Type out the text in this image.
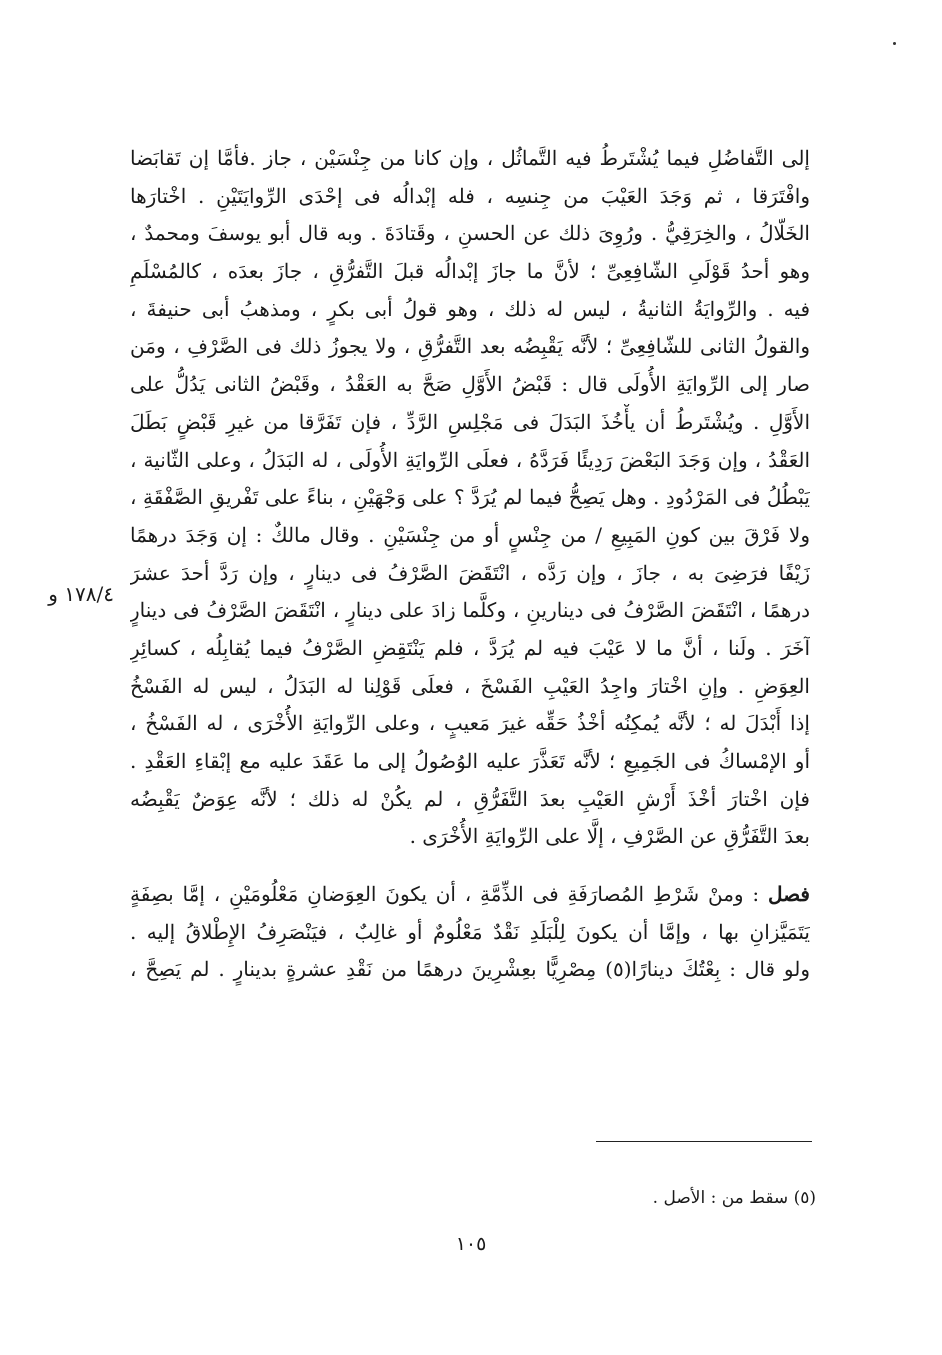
إلى التَّفاضُلِ فيما يُشْتَرطُ فيه التَّماثُل ، وإن كانا من جِنْسَيْن ، جاز .فأمَّا إن تَقابَضا
وافْتَرَقا ، ثم وَجَدَ العَيْبَ من جِنسِه ، فله إبْدالُه فى إحْدَى الرِّوايَتَيْنِ . اخْتارَها
الخَلّالُ ، والخِرَقِيُّ . ورُوِىَ ذلك عن الحسنِ ، وقَتادَةَ . وبه قال أبو يوسفَ ومحمدٌ ،
وهو أحدُ قَوْلَىِ الشّافِعِىِّ ؛ لأنَّ ما جازَ إبْدالُه قبلَ التَّفرُّقِ ، جازَ بعدَه ، كالمُسْلَمِ
فيه . والرِّوايَةُ الثانيةُ ، ليس له ذلك ، وهو قولُ أبى بكرٍ ، ومذهبُ أبى حنيفةَ ،
والقولُ الثانى للشّافِعِىِّ ؛ لأنَّه يَقْبِضُه بعد التَّفرُّقِ ، ولا يجوزُ ذلك فى الصَّرْفِ ، ومَن
صار إلى الرِّوايَةِ الأُولَى قال : قَبْضُ الأَوَّلِ صَحَّ به العَقْدُ ، وقَبْضُ الثانى يَدُلُّ على
الأَوَّلِ . ويُشْتَرطُ أن يأْخُذَ البَدَلَ فى مَجْلِسِ الرَّدِّ ، فإن تَفَرَّقا من غيرِ قَبْضٍ بَطَلَ
العَقْدُ ، وإن وَجَدَ البَعْضَ رَدِيئًا فَرَدَّهُ ، فعلَى الرِّوايَةِ الأُولَى ، له البَدَلُ ، وعلى الثّانية ،
يَبْطُلُ فى المَرْدُودِ . وهل يَصِحُّ فيما لم يُرَدَّ ؟ على وَجْهَيْنِ ، بناءً على تَفْريقِ الصَّفْقَةِ ،
ولا فَرْقَ بين كونِ المَبِيعِ / من جِنْسٍ أو من جِنْسَيْنِ . وقال مالكٌ : إن وَجَدَ درهمًا
زَيْفًا فرَضِىَ به ، جازَ ، وإن رَدَّه ، انْتَقَضَ الصَّرْفُ فى دينارٍ ، وإن رَدَّ أحدَ عشرَ
درهمًا ، انْتَقَضَ الصَّرْفُ فى دينارينِ ، وكلَّما زادَ على دينارٍ ، انْتَقَضَ الصَّرْفُ فى دينارٍ
آخَرَ . ولَنا ، أنَّ ما لا عَيْبَ فيه لم يُرَدَّ ، فلم يَنْتَقِضِ الصَّرْفُ فيما يُقابِلُه ، كسائِرِ
العِوَضِ . وإنِ اخْتارَ واجِدُ العَيْبِ الفَسْخَ ، فعلَى قَوْلِنا له البَدَلُ ، ليس له الفَسْخُ
إذا أَبْدَلَ له ؛ لأنَّه يُمكِنُه أخْذُ حَقِّه غيرَ مَعيبٍ ، وعلى الرِّوايَةِ الأُخْرَى ، له الفَسْخُ ،
أو الإمْساكُ فى الجَمِيعِ ؛ لأنَّه تَعَذَّرَ عليه الوُصُولُ إلى ما عَقَدَ عليه مع إبْقاءِ العَقْدِ .
فإن اخْتارَ أخْذَ أَرْشِ العَيْبِ بعدَ التَّفَرُّقِ ، لم يكُنْ له ذلك ؛ لأنَّه عِوَضٌ يَقْبِضُه
بعدَ التَّفَرُّقِ عن الصَّرْفِ ، إلَّا على الرِّوايَةِ الأُخْرَى .
فصل : ومنْ شَرْطِ المُصارَفَةِ فى الذِّمَّةِ ، أن يكونَ العِوَضانِ مَعْلُومَيْنِ ، إمَّا بصِفَةٍ
يَتَمَيَّزانِ بها ، وإمَّا أن يكونَ لِلْبَلَدِ نَقْدٌ مَعْلُومٌ أو غالِبٌ ، فيَنْصَرِفُ الإِطْلاقُ إليه .
ولو قال : بِعْتُكَ دينارًا(٥) مِصْرِيًّا بعِشْرِينَ درهمًا من نَقْدِ عشرةٍ بدينارٍ . لم يَصِحَّ ،
١٧٨/٤ و
(٥) سقط من : الأصل .
١٠٥
